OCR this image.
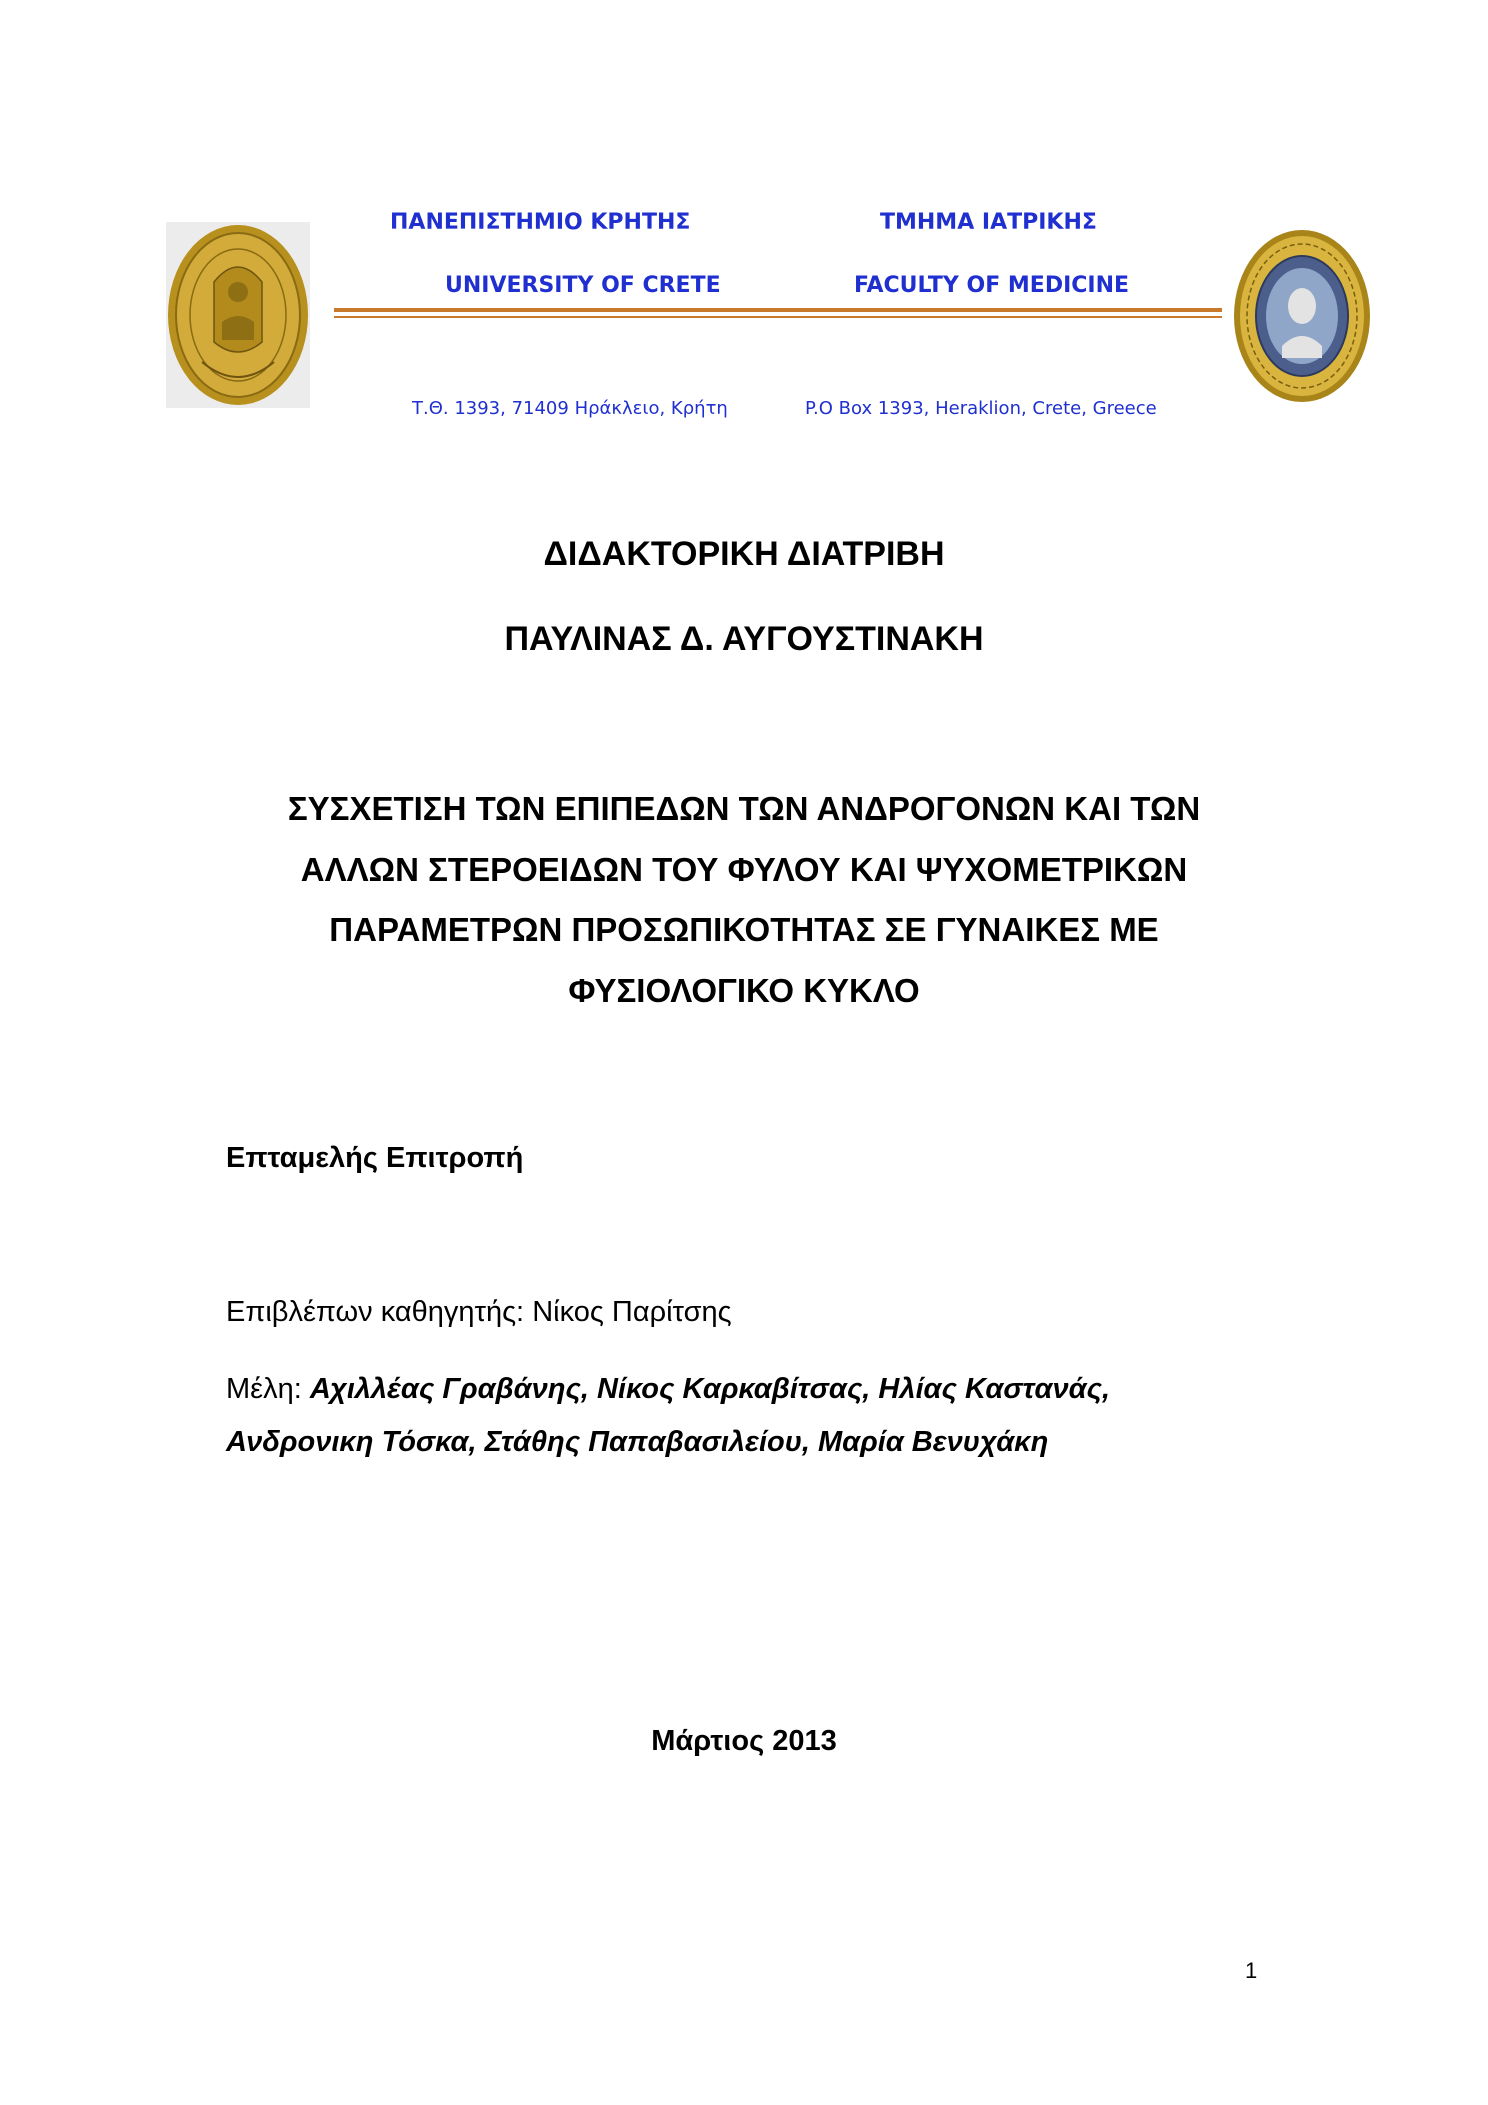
ΠΑΝΕΠΙΣΤΗΜΙΟ ΚΡΗΤΗΣ	ΤΜΗΜΑ ΙΑΤΡΙΚΗΣ
UNIVERSITY OF CRETE	FACULTY OF MEDICINE
Τ.Θ. 1393, 71409 Ηράκλειο, Κρήτη	P.O Box 1393, Heraklion, Crete, Greece
ΔΙΔΑΚΤΟΡΙΚΗ ΔΙΑΤΡΙΒΗ
ΠΑΥΛΙΝΑΣ Δ. ΑΥΓΟΥΣΤΙΝΑΚΗ
ΣΥΣΧΕΤΙΣΗ ΤΩΝ ΕΠΙΠΕΔΩΝ ΤΩΝ ΑΝΔΡΟΓΟΝΩΝ ΚΑΙ ΤΩΝ
ΑΛΛΩΝ ΣΤΕΡΟΕΙΔΩΝ ΤΟΥ ΦΥΛΟΥ ΚΑΙ ΨΥΧΟΜΕΤΡΙΚΩΝ
ΠΑΡΑΜΕΤΡΩΝ ΠΡΟΣΩΠΙΚΟΤΗΤΑΣ ΣΕ ΓΥΝΑΙΚΕΣ ΜΕ
ΦΥΣΙΟΛΟΓΙΚΟ ΚΥΚΛΟ
Επταμελής Επιτροπή
Επιβλέπων καθηγητής: Νίκος Παρίτσης
Μέλη: Αχιλλέας Γραβάνης, Νίκος Καρκαβίτσας, Ηλίας Καστανάς,
Ανδρονικη Τόσκα, Στάθης Παπαβασιλείου, Μαρία Βενυχάκη
Μάρτιος 2013
1
